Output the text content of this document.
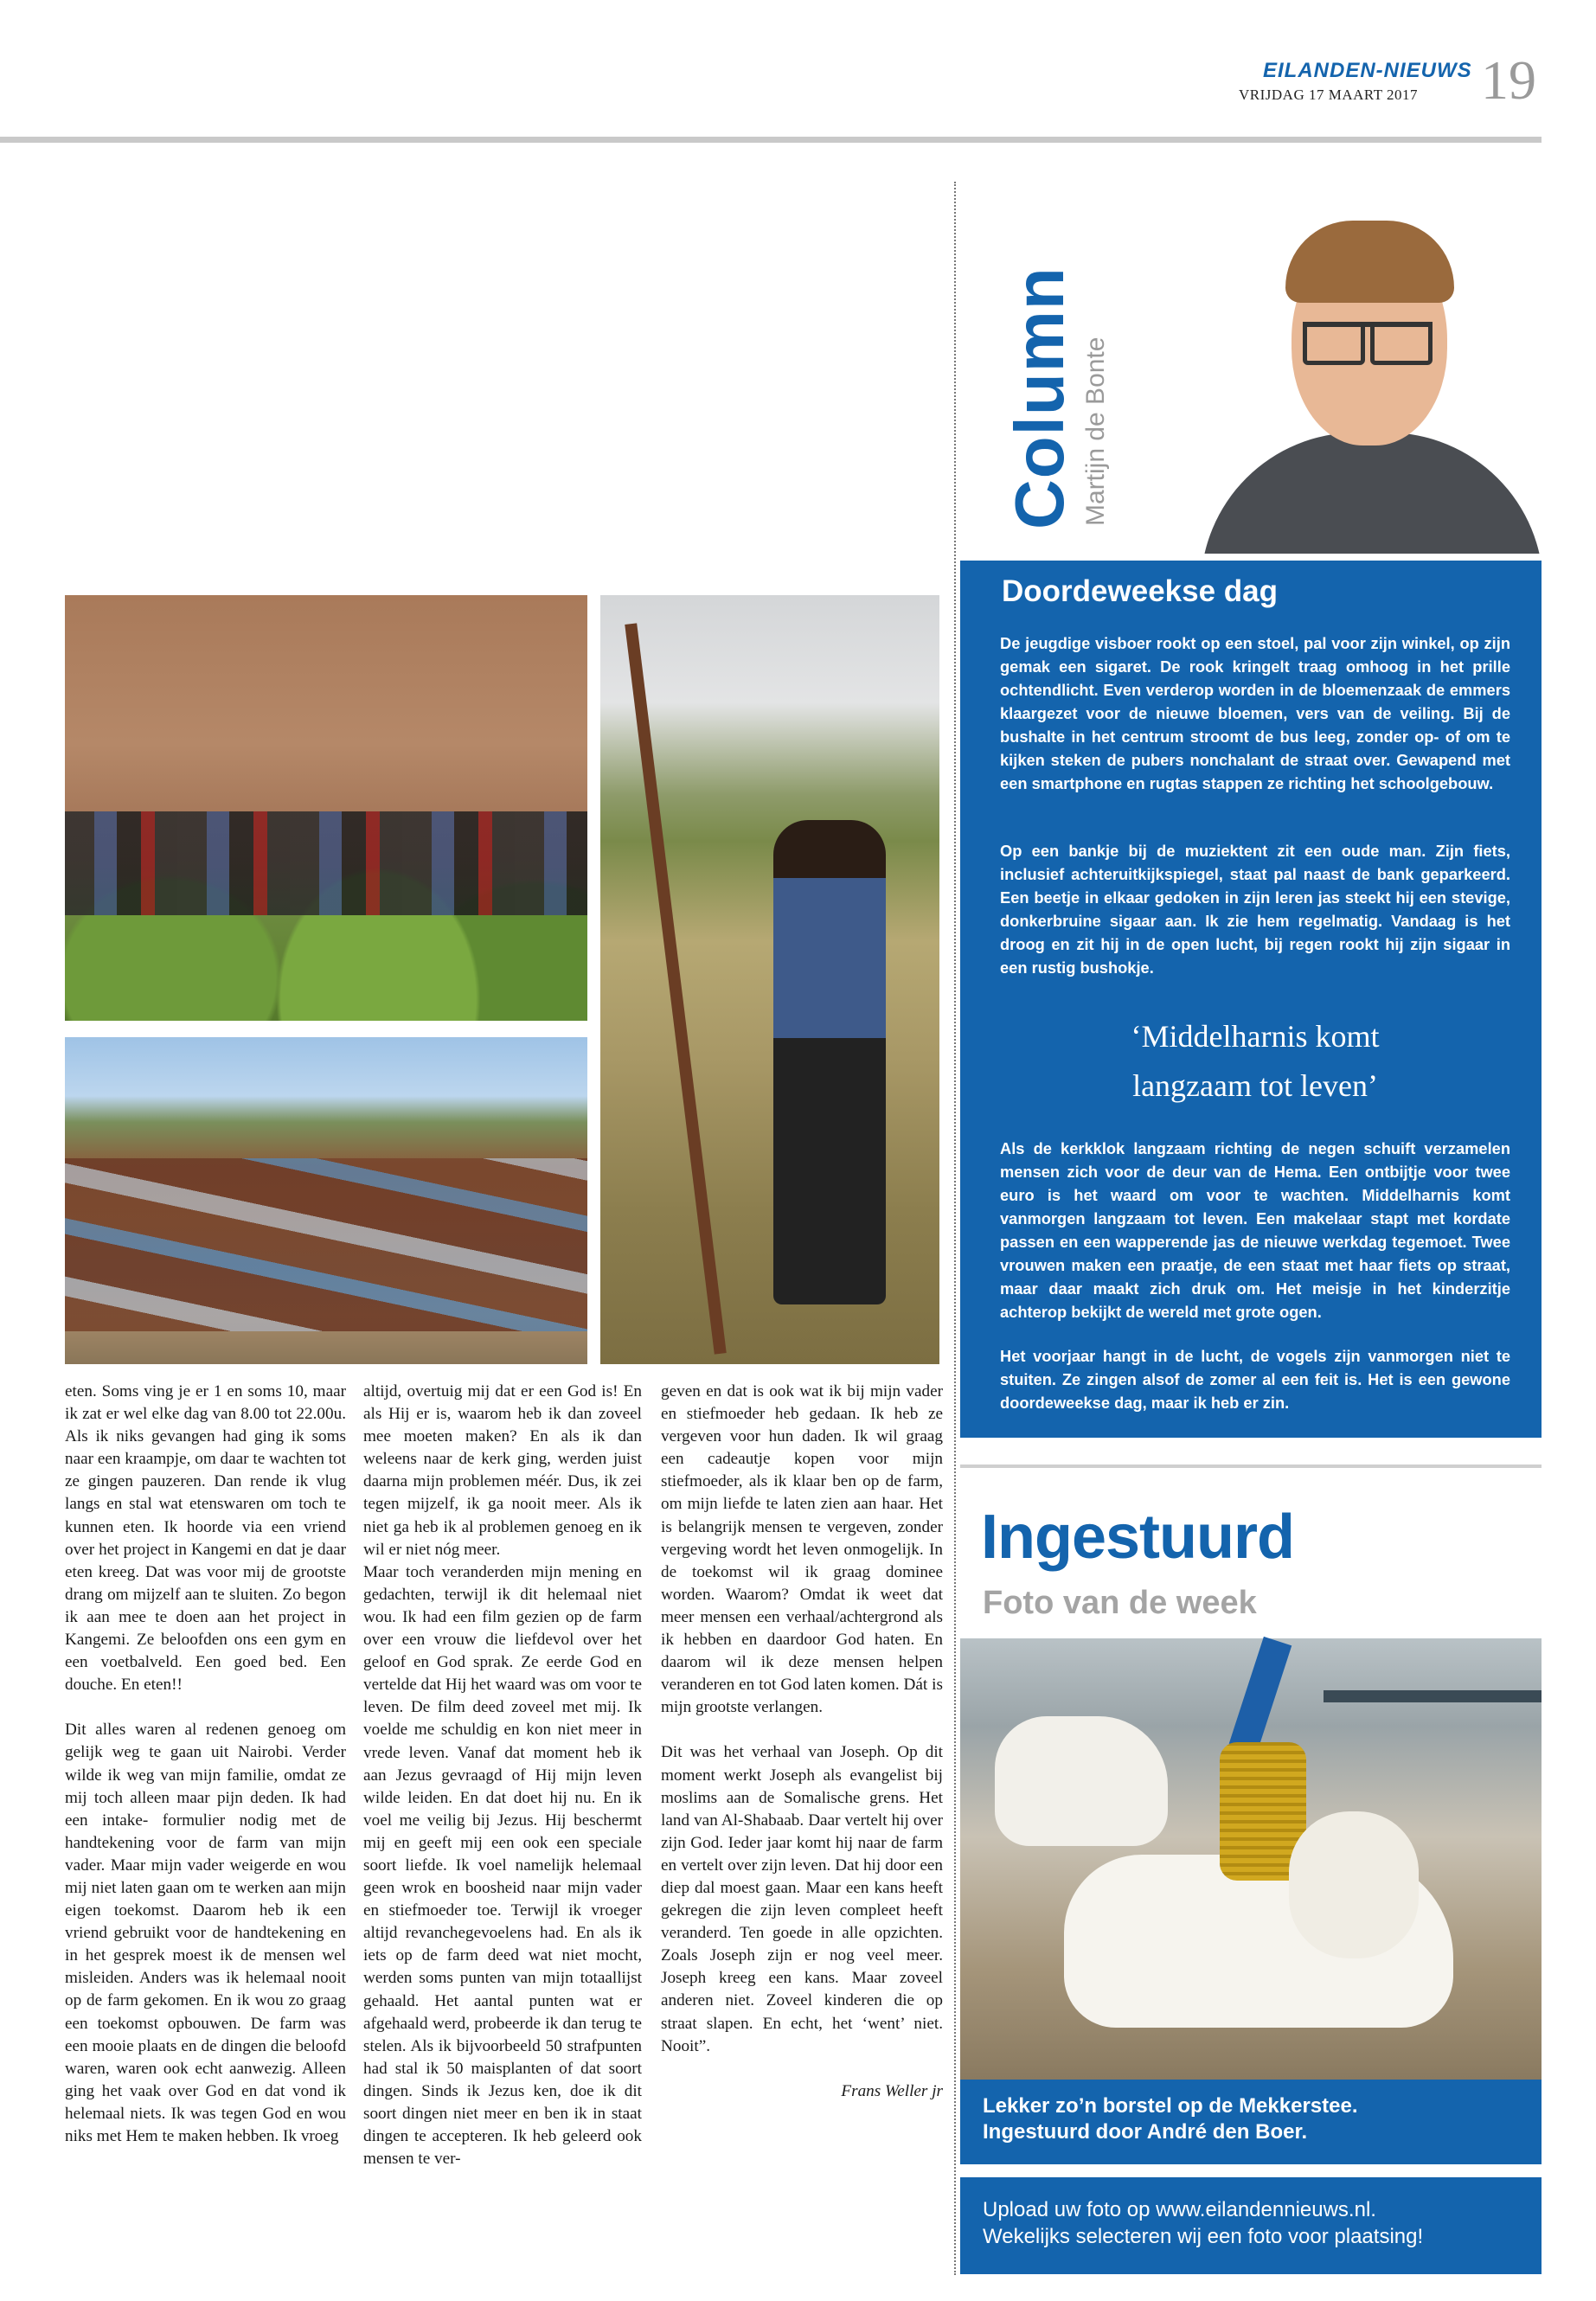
EILANDEN-NIEUWS
VRIJDAG 17 MAART 2017 19

eten. Soms ving je er 1 en soms 10, maar ik zat er wel elke dag van 8.00 tot 22.00u. Als ik niks gevangen had ging ik soms naar een kraampje, om daar te wachten tot ze gingen pauzeren. Dan rende ik vlug langs en stal wat etenswaren om toch te kunnen eten. Ik hoorde via een vriend over het project in Kangemi en dat je daar eten kreeg. Dat was voor mij de grootste drang om mijzelf aan te sluiten. Zo begon ik aan mee te doen aan het project in Kangemi. Ze beloofden ons een gym en een voetbalveld. Een goed bed. Een douche. En eten!!

Dit alles waren al redenen genoeg om gelijk weg te gaan uit Nairobi. Verder wilde ik weg van mijn familie, omdat ze mij toch alleen maar pijn deden. Ik had een intake- formulier nodig met de handtekening voor de farm van mijn vader. Maar mijn vader weigerde en wou mij niet laten gaan om te werken aan mijn eigen toekomst. Daarom heb ik een vriend gebruikt voor de handtekening en in het gesprek moest ik de mensen wel misleiden. Anders was ik helemaal nooit op de farm gekomen. En ik wou zo graag een toekomst opbouwen. De farm was een mooie plaats en de dingen die beloofd waren, waren ook echt aanwezig. Alleen ging het vaak over God en dat vond ik helemaal niets. Ik was tegen God en wou niks met Hem te maken hebben. Ik vroeg

altijd, overtuig mij dat er een God is! En als Hij er is, waarom heb ik dan zoveel mee moeten maken? En als ik dan weleens naar de kerk ging, werden juist daarna mijn problemen méér. Dus, ik zei tegen mijzelf, ik ga nooit meer. Als ik niet ga heb ik al problemen genoeg en ik wil er niet nóg meer.

Maar toch veranderden mijn mening en gedachten, terwijl ik dit helemaal niet wou. Ik had een film gezien op de farm over een vrouw die liefdevol over het geloof en God sprak. Ze eerde God en vertelde dat Hij het waard was om voor te leven. De film deed zoveel met mij. Ik voelde me schuldig en kon niet meer in vrede leven. Vanaf dat moment heb ik aan Jezus gevraagd of Hij mijn leven wilde leiden. En dat doet hij nu. En ik voel me veilig bij Jezus. Hij beschermt mij en geeft mij een ook een speciale soort liefde. Ik voel namelijk helemaal geen wrok en boosheid naar mijn vader en stiefmoeder toe. Terwijl ik vroeger altijd revanchegevoelens had. En als ik iets op de farm deed wat niet mocht, werden soms punten van mijn totaallijst gehaald. Het aantal punten wat er afgehaald werd, probeerde ik dan terug te stelen. Als ik bijvoorbeeld 50 strafpunten had stal ik 50 maisplanten of dat soort dingen. Sinds ik Jezus ken, doe ik dit soort dingen niet meer en ben ik in staat dingen te accepteren. Ik heb geleerd ook mensen te ver-

geven en dat is ook wat ik bij mijn vader en stiefmoeder heb gedaan. Ik heb ze vergeven voor hun daden. Ik wil graag een cadeautje kopen voor mijn stiefmoeder, als ik klaar ben op de farm, om mijn liefde te laten zien aan haar. Het is belangrijk mensen te vergeven, zonder vergeving wordt het leven onmogelijk. In de toekomst wil ik graag dominee worden. Waarom? Omdat ik weet dat meer mensen een verhaal/achtergrond als ik hebben en daardoor God haten. En daarom wil ik deze mensen helpen veranderen en tot God laten komen. Dát is mijn grootste verlangen.

Dit was het verhaal van Joseph. Op dit moment werkt Joseph als evangelist bij moslims aan de Somalische grens. Het land van Al-Shabaab. Daar vertelt hij over zijn God. Ieder jaar komt hij naar de farm en vertelt over zijn leven. Dat hij door een diep dal moest gaan. Maar een kans heeft gekregen die zijn leven compleet heeft veranderd. Ten goede in alle opzichten. Zoals Joseph zijn er nog veel meer. Joseph kreeg een kans. Maar zoveel anderen niet. Zoveel kinderen die op straat slapen. En echt, het ‘went’ niet. Nooit”.

Frans Weller jr

Column Martijn de Bonte
Doordeweekse dag
De jeugdige visboer rookt op een stoel, pal voor zijn winkel, op zijn gemak een sigaret. De rook kringelt traag omhoog in het prille ochtendlicht. Even verderop worden in de bloemenzaak de emmers klaargezet voor de nieuwe bloemen, vers van de veiling. Bij de bushalte in het centrum stroomt de bus leeg, zonder op- of om te kijken steken de pubers nonchalant de straat over. Gewapend met een smartphone en rugtas stappen ze richting het schoolgebouw.
Op een bankje bij de muziektent zit een oude man. Zijn fiets, inclusief achteruitkijkspiegel, staat pal naast de bank geparkeerd. Een beetje in elkaar gedoken in zijn leren jas steekt hij een stevige, donkerbruine sigaar aan. Ik zie hem regelmatig. Vandaag is het droog en zit hij in de open lucht, bij regen rookt hij zijn sigaar in een rustig bushokje.
‘Middelharnis komt
langzaam tot leven’
Als de kerkklok langzaam richting de negen schuift verzamelen mensen zich voor de deur van de Hema. Een ontbijtje voor twee euro is het waard om voor te wachten. Middelharnis komt vanmorgen langzaam tot leven. Een makelaar stapt met kordate passen en een wapperende jas de nieuwe werkdag tegemoet. Twee vrouwen maken een praatje, de een staat met haar fiets op straat, maar daar maakt zich druk om. Het meisje in het kinderzitje achterop bekijkt de wereld met grote ogen.
Het voorjaar hangt in de lucht, de vogels zijn vanmorgen niet te stuiten. Ze zingen alsof de zomer al een feit is. Het is een gewone doordeweekse dag, maar ik heb er zin.
Ingestuurd
Foto van de week
Lekker zo’n borstel op de Mekkerstee.
Ingestuurd door André den Boer.
Upload uw foto op www.eilandennieuws.nl.
Wekelijks selecteren wij een foto voor plaatsing!
